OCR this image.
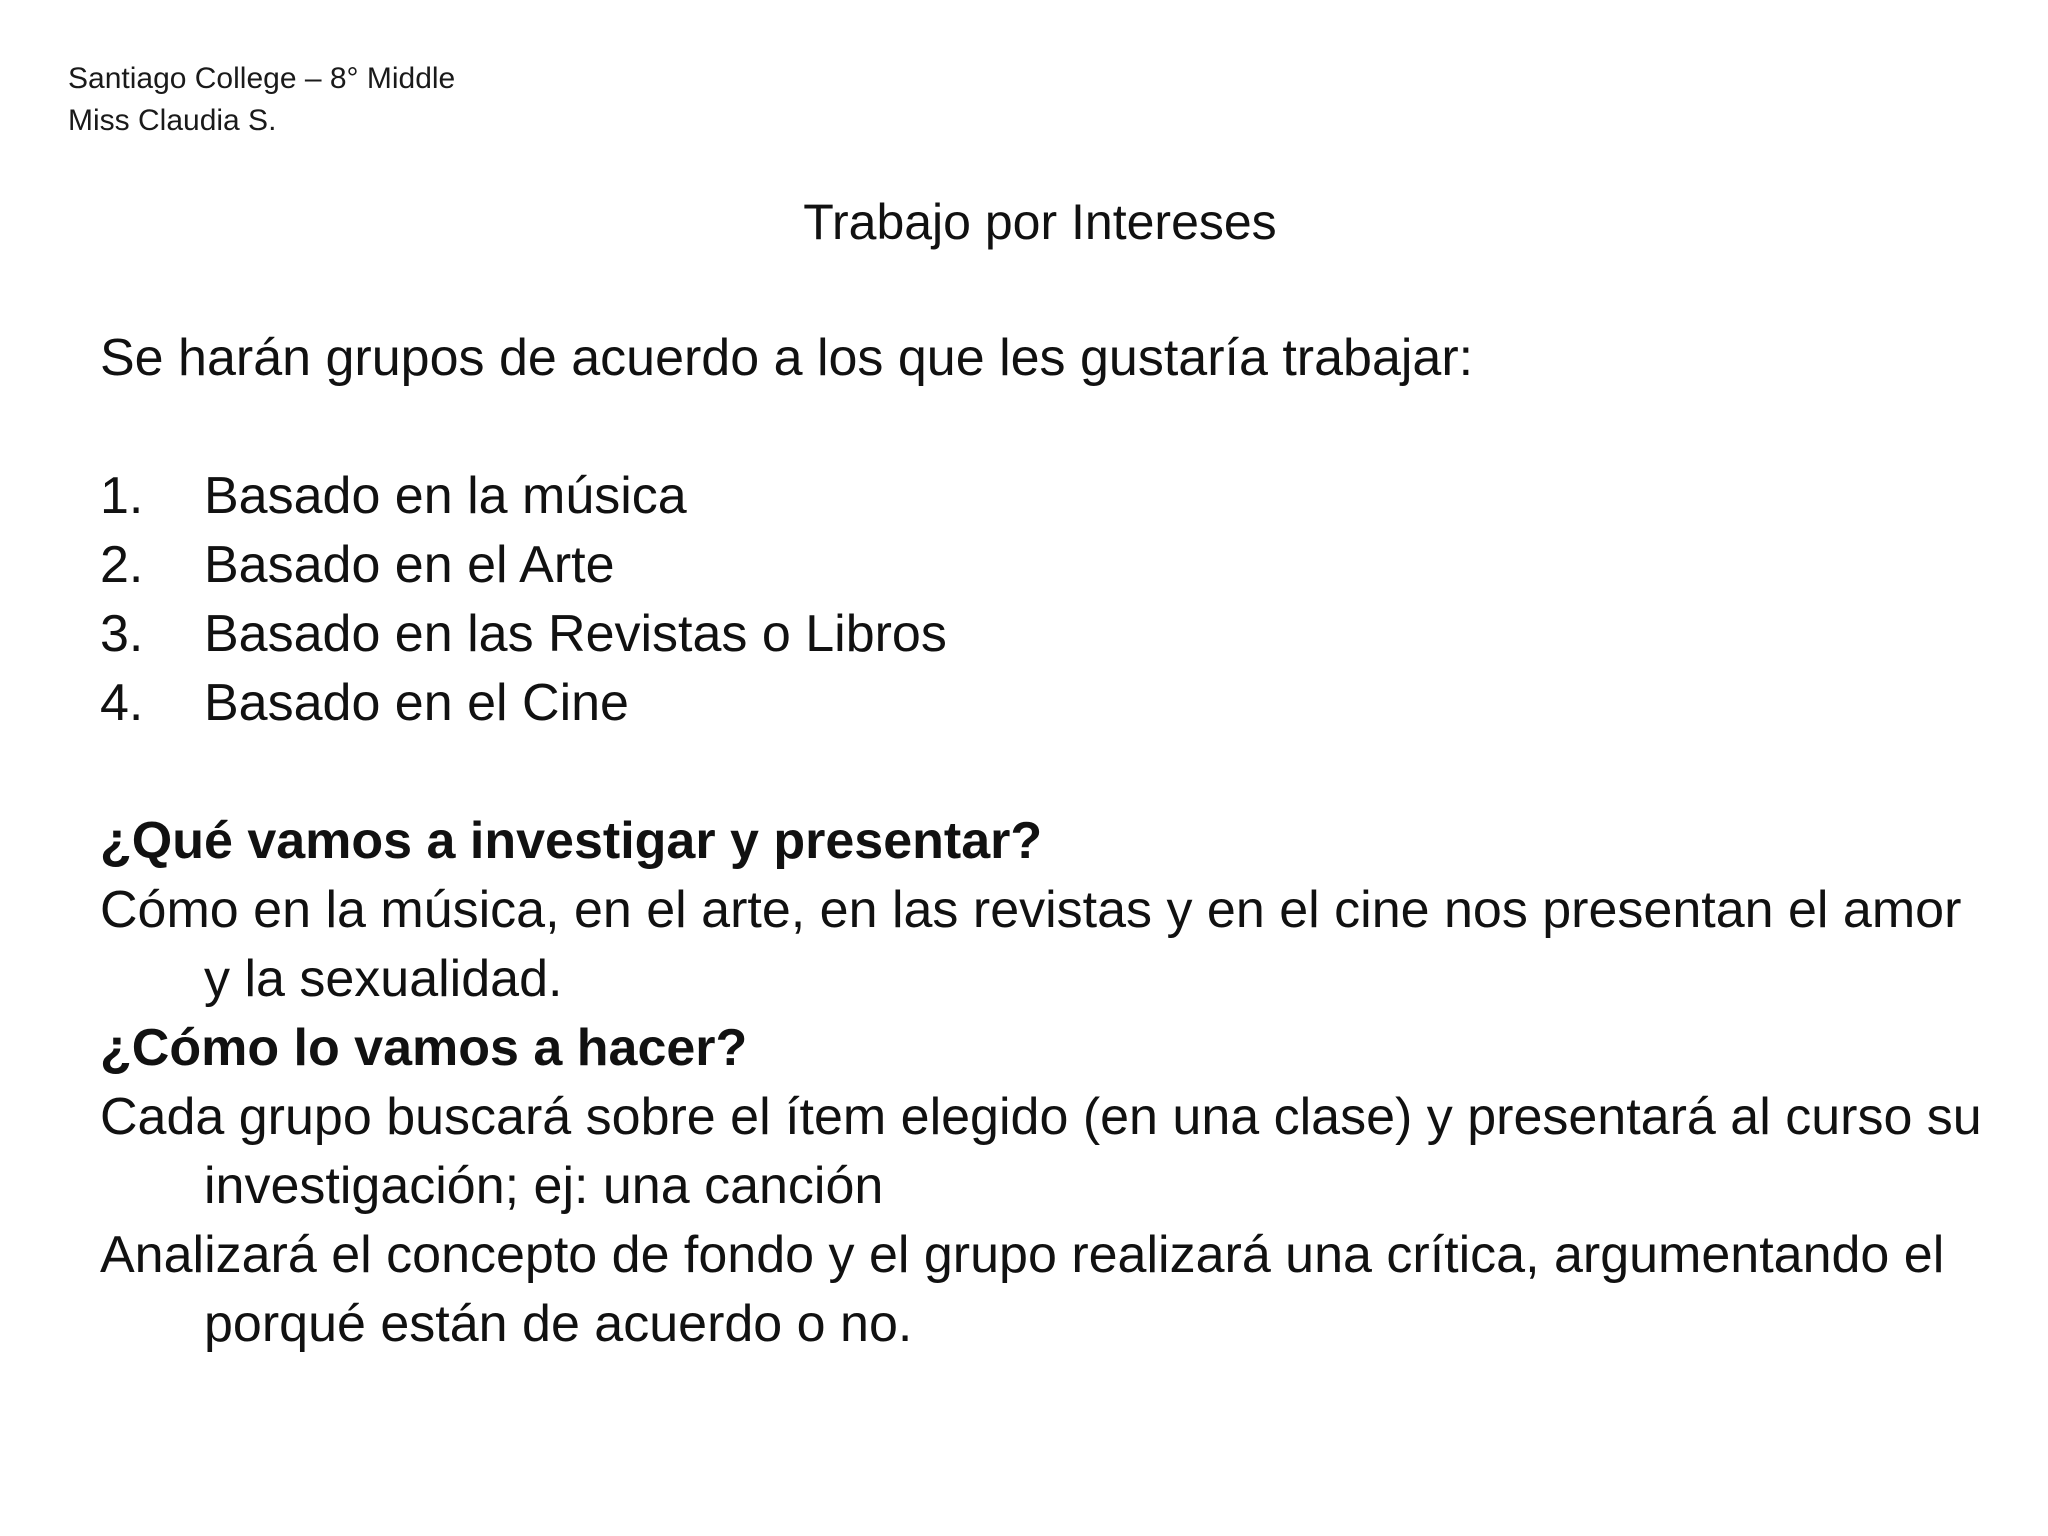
Santiago College – 8° Middle
Miss Claudia S.
Trabajo por Intereses
Se harán grupos de acuerdo a los que les gustaría trabajar:
1.	Basado en la música
2.	Basado en el Arte
3.	Basado en las Revistas o Libros
4.	Basado en el Cine
¿Qué vamos a investigar y presentar?
Cómo en la música, en el arte, en las revistas y en el cine nos presentan el amor
y la sexualidad.
¿Cómo lo vamos a hacer?
Cada grupo buscará sobre el ítem elegido (en una clase) y presentará al curso su
investigación; ej: una canción
Analizará el concepto de fondo y el grupo realizará una crítica, argumentando el
porqué están de acuerdo o no.
